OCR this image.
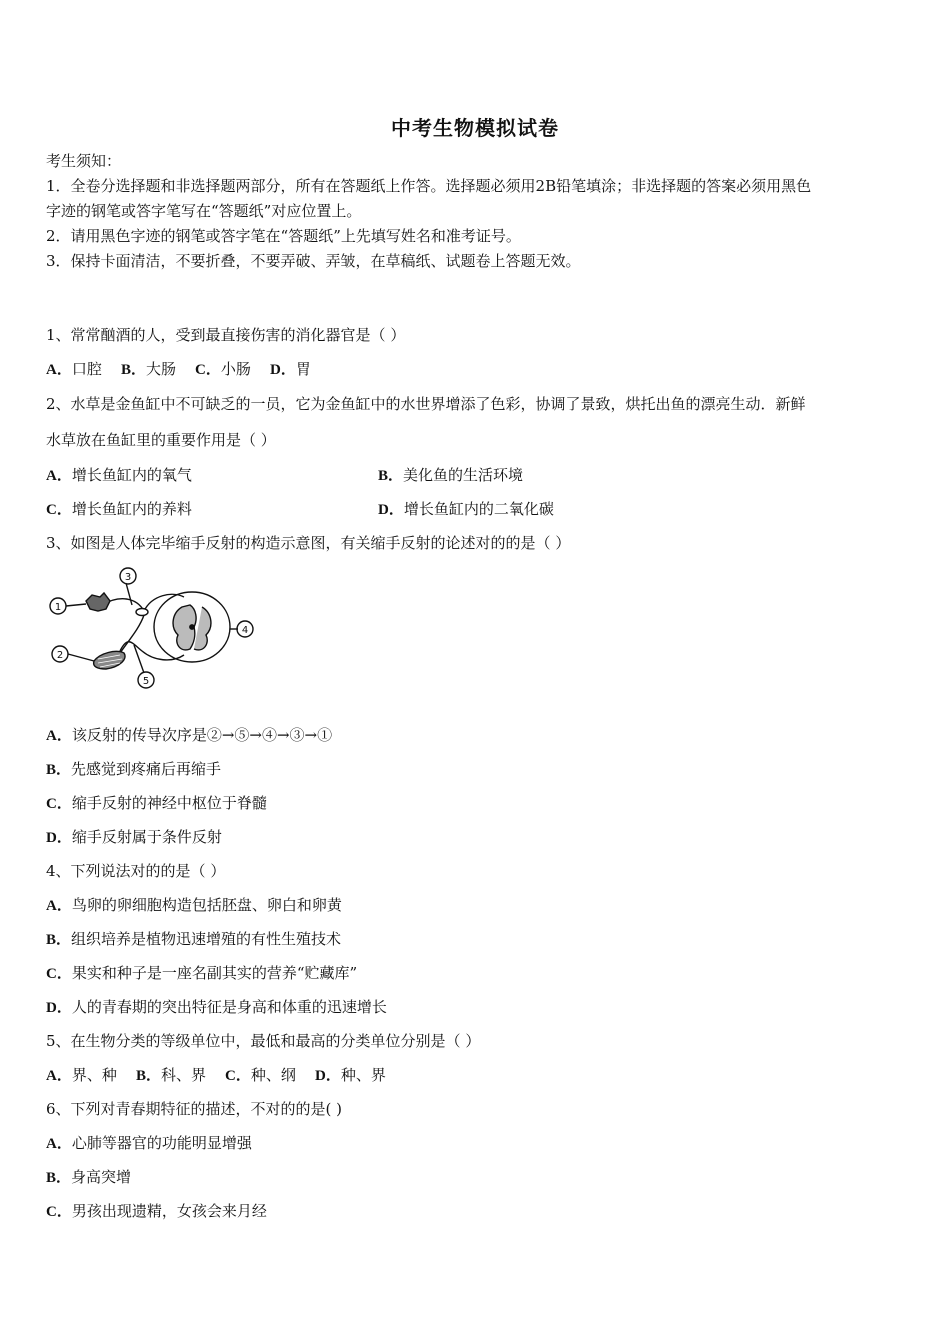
中考生物模拟试卷
考生须知：
1．全卷分选择题和非选择题两部分，所有在答题纸上作答。选择题必须用2B铅笔填涂；非选择题的答案必须用黑色
字迹的钢笔或答字笔写在“答题纸”对应位置上。
2．请用黑色字迹的钢笔或答字笔在“答题纸”上先填写姓名和准考证号。
3．保持卡面清洁，不要折叠，不要弄破、弄皱，在草稿纸、试题卷上答题无效。
1、常常酗酒的人，受到最直接伤害的消化器官是（ ）
A．口腔 B．大肠 C．小肠 D．胃
2、水草是金鱼缸中不可缺乏的一员，它为金鱼缸中的水世界增添了色彩，协调了景致，烘托出鱼的漂亮生动．新鲜
水草放在鱼缸里的重要作用是（ ）
A．增长鱼缸内的氧气	B．美化鱼的生活环境
C．增长鱼缸内的养料	D．增长鱼缸内的二氧化碳
3、如图是人体完毕缩手反射的构造示意图，有关缩手反射的论述对的的是（ ）
1
2
3
4
5
A．该反射的传导次序是②→⑤→④→③→①
B．先感觉到疼痛后再缩手
C．缩手反射的神经中枢位于脊髓
D．缩手反射属于条件反射
4、下列说法对的的是（ ）
A．鸟卵的卵细胞构造包括胚盘、卵白和卵黄
B．组织培养是植物迅速增殖的有性生殖技术
C．果实和种子是一座名副其实的营养“贮藏库”
D．人的青春期的突出特征是身高和体重的迅速增长
5、在生物分类的等级单位中，最低和最高的分类单位分别是（ ）
A．界、种 B．科、界 C．种、纲 D．种、界
6、下列对青春期特征的描述，不对的的是( )
A．心肺等器官的功能明显增强
B．身高突增
C．男孩出现遗精，女孩会来月经
